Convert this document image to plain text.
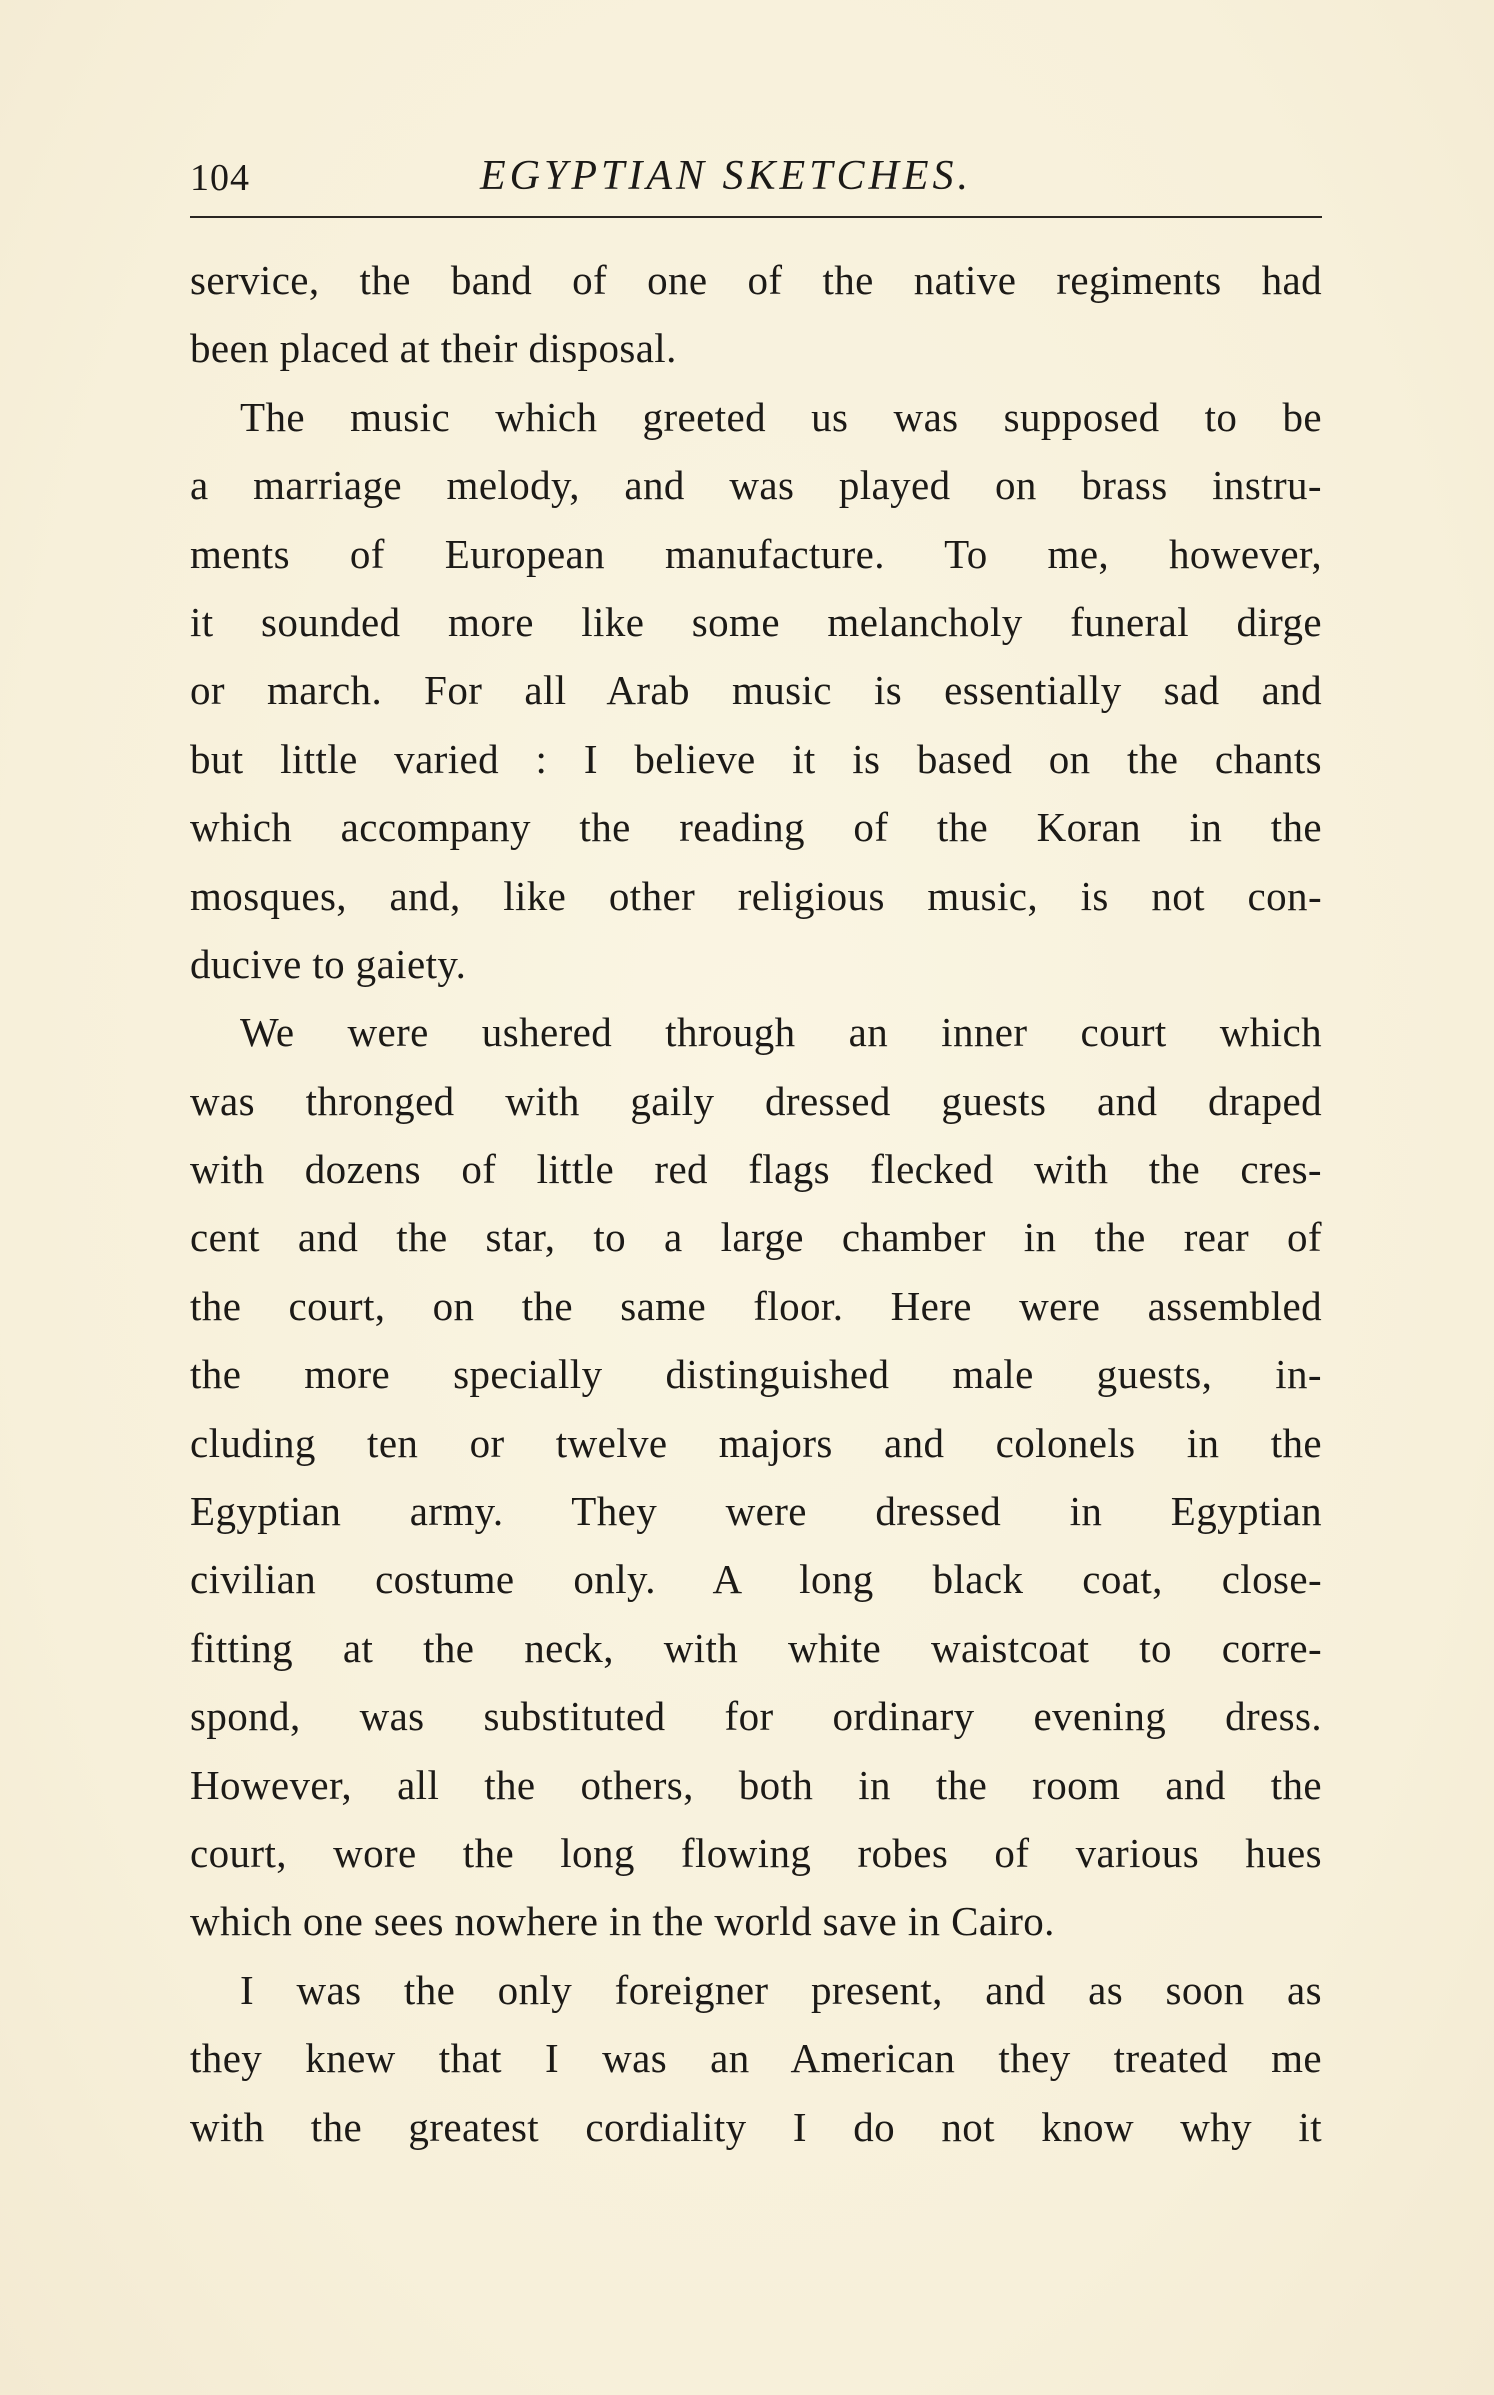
104	EGYPTIAN SKETCHES.
service, the band of one of the native regiments had
been placed at their disposal.
The music which greeted us was supposed to be
a marriage melody, and was played on brass instru-
ments of European manufacture. To me, however,
it sounded more like some melancholy funeral dirge
or march. For all Arab music is essentially sad and
but little varied : I believe it is based on the chants
which accompany the reading of the Koran in the
mosques, and, like other religious music, is not con-
ducive to gaiety.
We were ushered through an inner court which
was thronged with gaily dressed guests and draped
with dozens of little red flags flecked with the cres-
cent and the star, to a large chamber in the rear of
the court, on the same floor. Here were assembled
the more specially distinguished male guests, in-
cluding ten or twelve majors and colonels in the
Egyptian army. They were dressed in Egyptian
civilian costume only. A long black coat, close-
fitting at the neck, with white waistcoat to corre-
spond, was substituted for ordinary evening dress.
However, all the others, both in the room and the
court, wore the long flowing robes of various hues
which one sees nowhere in the world save in Cairo.
I was the only foreigner present, and as soon as
they knew that I was an American they treated me
with the greatest cordiality I do not know why it
